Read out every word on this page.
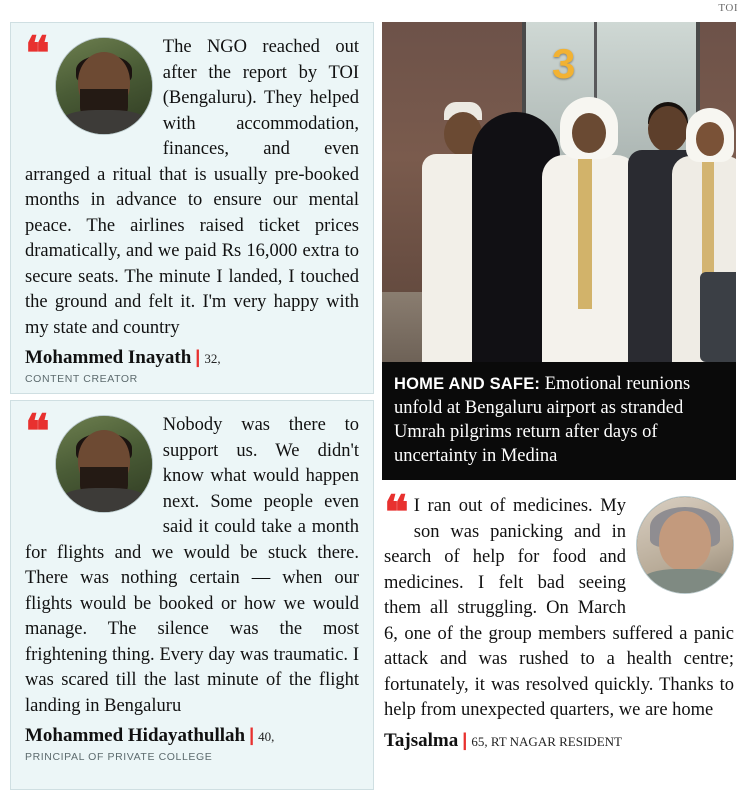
TOI
❝	The NGO reached out after the report by TOI (Bengaluru). They helped with accommodation, finances, and even arranged a ritual that is usually pre-booked months in advance to ensure our mental peace. The airlines raised ticket prices dramatically, and we paid Rs 16,000 extra to secure seats. The minute I landed, I touched the ground and felt it. I'm very happy with my state and country

Mohammed Inayath | 32,
CONTENT CREATOR
❝	Nobody was there to support us. We didn't know what would happen next. Some people even said it could take a month for flights and we would be stuck there. There was nothing certain — when our flights would be booked or how we would manage. The silence was the most frightening thing. Every day was traumatic. I was scared till the last minute of the flight landing in Bengaluru

Mohammed Hidayathullah | 40,
PRINCIPAL OF PRIVATE COLLEGE
3

HOME AND SAFE: Emotional reunions unfold at Bengaluru airport as stranded Umrah pilgrims return after days of uncertainty in Medina

❝ I ran out of medicines. My son was panicking and in search of help for food and medicines. I felt bad seeing them all struggling. On March 6, one of the group members suffered a panic attack and was rushed to a health centre; fortunately, it was resolved quickly. Thanks to help from unexpected quarters, we are home

Tajsalma | 65, RT NAGAR RESIDENT
